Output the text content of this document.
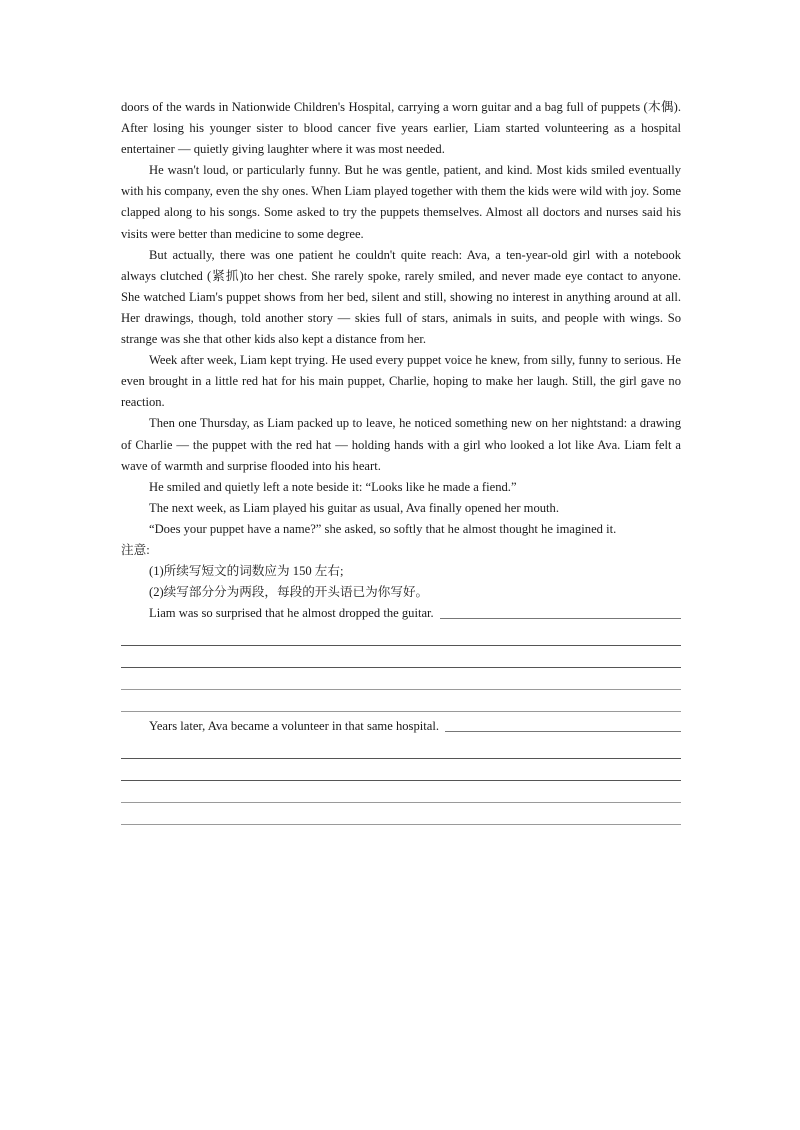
doors of the wards in Nationwide Children's Hospital, carrying a worn guitar and a bag full of puppets (木偶). After losing his younger sister to blood cancer five years earlier, Liam started volunteering as a hospital entertainer — quietly giving laughter where it was most needed.

He wasn't loud, or particularly funny. But he was gentle, patient, and kind. Most kids smiled eventually with his company, even the shy ones. When Liam played together with them the kids were wild with joy. Some clapped along to his songs. Some asked to try the puppets themselves. Almost all doctors and nurses said his visits were better than medicine to some degree.

But actually, there was one patient he couldn't quite reach: Ava, a ten-year-old girl with a notebook always clutched (紧抓)to her chest. She rarely spoke, rarely smiled, and never made eye contact to anyone. She watched Liam's puppet shows from her bed, silent and still, showing no interest in anything around at all. Her drawings, though, told another story — skies full of stars, animals in suits, and people with wings. So strange was she that other kids also kept a distance from her.

Week after week, Liam kept trying. He used every puppet voice he knew, from silly, funny to serious. He even brought in a little red hat for his main puppet, Charlie, hoping to make her laugh. Still, the girl gave no reaction.

Then one Thursday, as Liam packed up to leave, he noticed something new on her nightstand: a drawing of Charlie — the puppet with the red hat — holding hands with a girl who looked a lot like Ava. Liam felt a wave of warmth and surprise flooded into his heart.

He smiled and quietly left a note beside it: “Looks like he made a fiend.”

The next week, as Liam played his guitar as usual, Ava finally opened her mouth.

“Does your puppet have a name?” she asked, so softly that he almost thought he imagined it.

注意:

(1)所续写短文的词数应为 150 左右;

(2)续写部分分为两段，每段的开头语已为你写好。

Liam was so surprised that he almost dropped the guitar.
Years later, Ava became a volunteer in that same hospital.
